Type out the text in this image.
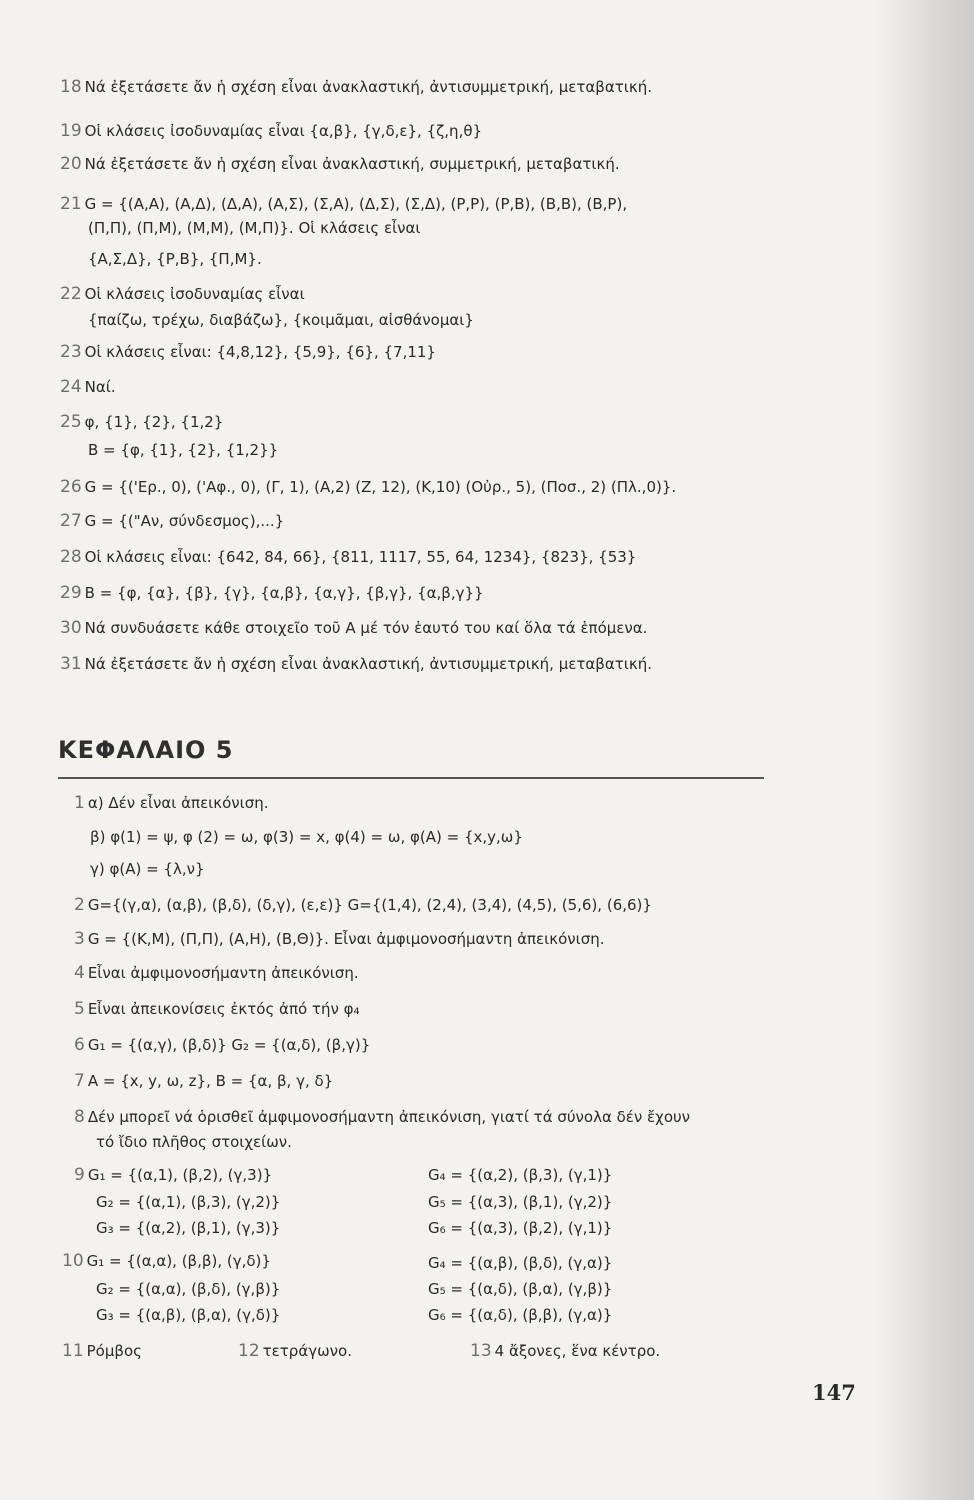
18 Νά ἐξετάσετε ἄν ἡ σχέση εἶναι ἀνακλαστική, ἀντισυμμετρική, μεταβατική.
19 Οἱ κλάσεις ἰσοδυναμίας εἶναι {α,β}, {γ,δ,ε}, {ζ,η,θ}
20 Νά ἐξετάσετε ἄν ἡ σχέση εἶναι ἀνακλαστική, συμμετρική, μεταβατική.
21 G = {(A,A), (A,Δ), (Δ,A), (A,Σ), (Σ,A), (Δ,Σ), (Σ,Δ), (P,P), (P,B), (B,B), (B,P),
(Π,Π), (Π,M), (M,M), (M,Π)}. Οἱ κλάσεις εἶναι
{A,Σ,Δ}, {P,B}, {Π,M}.
22 Οἱ κλάσεις ἰσοδυναμίας εἶναι
{παίζω, τρέχω, διαβάζω}, {κοιμᾶμαι, αἰσθάνομαι}
23 Οἱ κλάσεις εἶναι: {4,8,12}, {5,9}, {6}, {7,11}
24 Ναί.
25 φ, {1}, {2}, {1,2}
B = {φ, {1}, {2}, {1,2}}
26 G = {('Ερ., 0), ('Αφ., 0), (Γ, 1), (A,2) (Z, 12), (K,10) (Οὐρ., 5), (Ποσ., 2) (Πλ.,0)}.
27 G = {("Αν, σύνδεσμος),...}
28 Οἱ κλάσεις εἶναι: {642, 84, 66}, {811, 1117, 55, 64, 1234}, {823}, {53}
29 B = {φ, {α}, {β}, {γ}, {α,β}, {α,γ}, {β,γ}, {α,β,γ}}
30 Νά συνδυάσετε κάθε στοιχεῖο τοῦ A μέ τόν ἑαυτό του καί ὅλα τά ἑπόμενα.
31 Νά ἐξετάσετε ἄν ἡ σχέση εἶναι ἀνακλαστική, ἀντισυμμετρική, μεταβατική.
ΚΕΦΑΛΑΙΟ 5
1 α) Δέν εἶναι ἀπεικόνιση.
β) φ(1) = ψ, φ (2) = ω, φ(3) = x, φ(4) = ω, φ(A) = {x,y,ω}
γ) φ(A) = {λ,ν}
2 G={(γ,α), (α,β), (β,δ), (δ,γ), (ε,ε)} G={(1,4), (2,4), (3,4), (4,5), (5,6), (6,6)}
3 G = {(K,M), (Π,Π), (A,H), (B,Θ)}. Εἶναι ἀμφιμονοσήμαντη ἀπεικόνιση.
4 Εἶναι ἀμφιμονοσήμαντη ἀπεικόνιση.
5 Εἶναι ἀπεικονίσεις ἐκτός ἀπό τήν φ₄
6 G₁ = {(α,γ), (β,δ)} G₂ = {(α,δ), (β,γ)}
7 A = {x, y, ω, z}, B = {α, β, γ, δ}
8 Δέν μπορεῖ νά ὁρισθεῖ ἀμφιμονοσήμαντη ἀπεικόνιση, γιατί τά σύνολα δέν ἔχουν
τό ἴδιο πλῆθος στοιχείων.
9 G₁ = {(α,1), (β,2), (γ,3)}
G₂ = {(α,1), (β,3), (γ,2)}
G₃ = {(α,2), (β,1), (γ,3)}
G₄ = {(α,2), (β,3), (γ,1)}
G₅ = {(α,3), (β,1), (γ,2)}
G₆ = {(α,3), (β,2), (γ,1)}
10 G₁ = {(α,α), (β,β), (γ,δ)}
G₂ = {(α,α), (β,δ), (γ,β)}
G₃ = {(α,β), (β,α), (γ,δ)}
G₄ = {(α,β), (β,δ), (γ,α)}
G₅ = {(α,δ), (β,α), (γ,β)}
G₆ = {(α,δ), (β,β), (γ,α)}
11 Ρόμβος	12 τετράγωνο.	13 4 ἄξονες, ἕνα κέντρο.
147
